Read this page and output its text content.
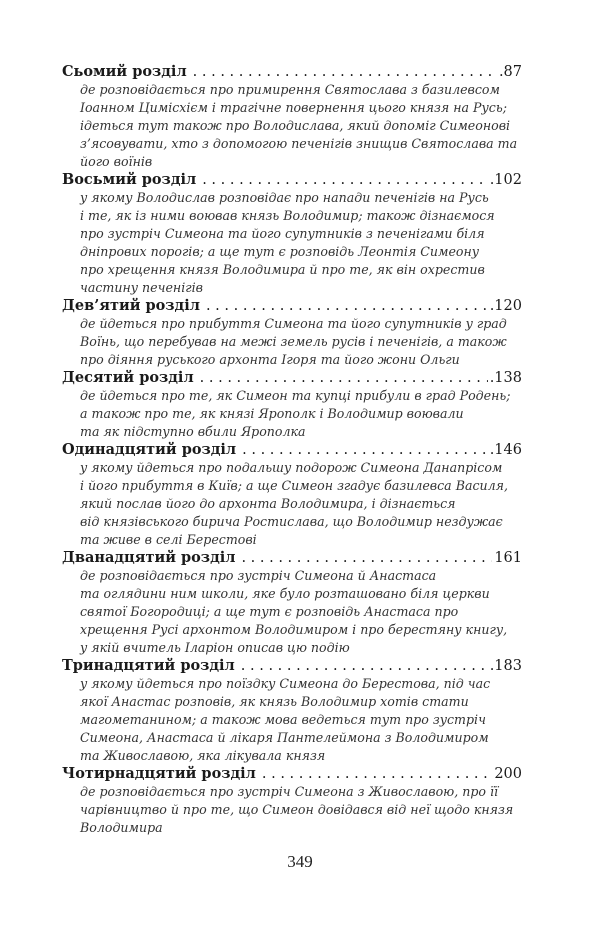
Сьомий розділ . . .	.87
де розповідається про примирення Святослава з базилевсом
Іоанном Цимісхієм і трагічне повернення цього князя на Русь;
ідеться тут також про Володислава, який допоміг Симеонові
з’ясовувати, хто з допомогою печенігів знищив Святослава та
його воїнів
Восьмий розділ . . .	.102
у якому Володислав розповідає про напади печенігів на Русь
і те, як із ними воював князь Володимир; також дізнаємося
про зустріч Симеона та його супутників з печенігами біля
дніпрових порогів; а ще тут є розповідь Леонтія Симеону
про хрещення князя Володимира й про те, як він охрестив
частину печенігів
Дев’ятий розділ . . .	.120
де йдеться про прибуття Симеона та його супутників у град
Воїнь, що перебував на межі земель русів і печенігів, а також
про діяння руського архонта Ігоря та його жони Ольги
Десятий розділ . . .	.138
де йдеться про те, як Симеон та купці прибули в град Родень;
а також про те, як князі Ярополк і Володимир воювали
та як підступно вбили Ярополка
Одинадцятий розділ . . .	.146
у якому йдеться про подальшу подорож Симеона Данапрісом
і його прибуття в Київ; а ще Симеон згадує базилевса Василя,
який послав його до архонта Володимира, і дізнається
від князівського бирича Ростислава, що Володимир нездужає
та живе в селі Берестові
Дванадцятий розділ . . .	161
де розповідається про зустріч Симеона й Анастаса
та оглядини ним школи, яке було розташовано біля церкви
святої Богородиці; а ще тут є розповідь Анастаса про
хрещення Русі архонтом Володимиром і про берестяну книгу,
у якій вчитель Іларіон описав цю подію
Тринадцятий розділ . . .	.183
у якому йдеться про поїздку Симеона до Берестова, під час
якої Анастас розповів, як князь Володимир хотів стати
магометанином; а також мова ведеться тут про зустріч
Симеона, Анастаса й лікаря Пантелеймона з Володимиром
та Живославою, яка лікувала князя
Чотирнадцятий розділ . . .	200
де розповідається про зустріч Симеона з Живославою, про її
чарівництво й про те, що Симеон довідався від неї щодо князя
Володимира
349
